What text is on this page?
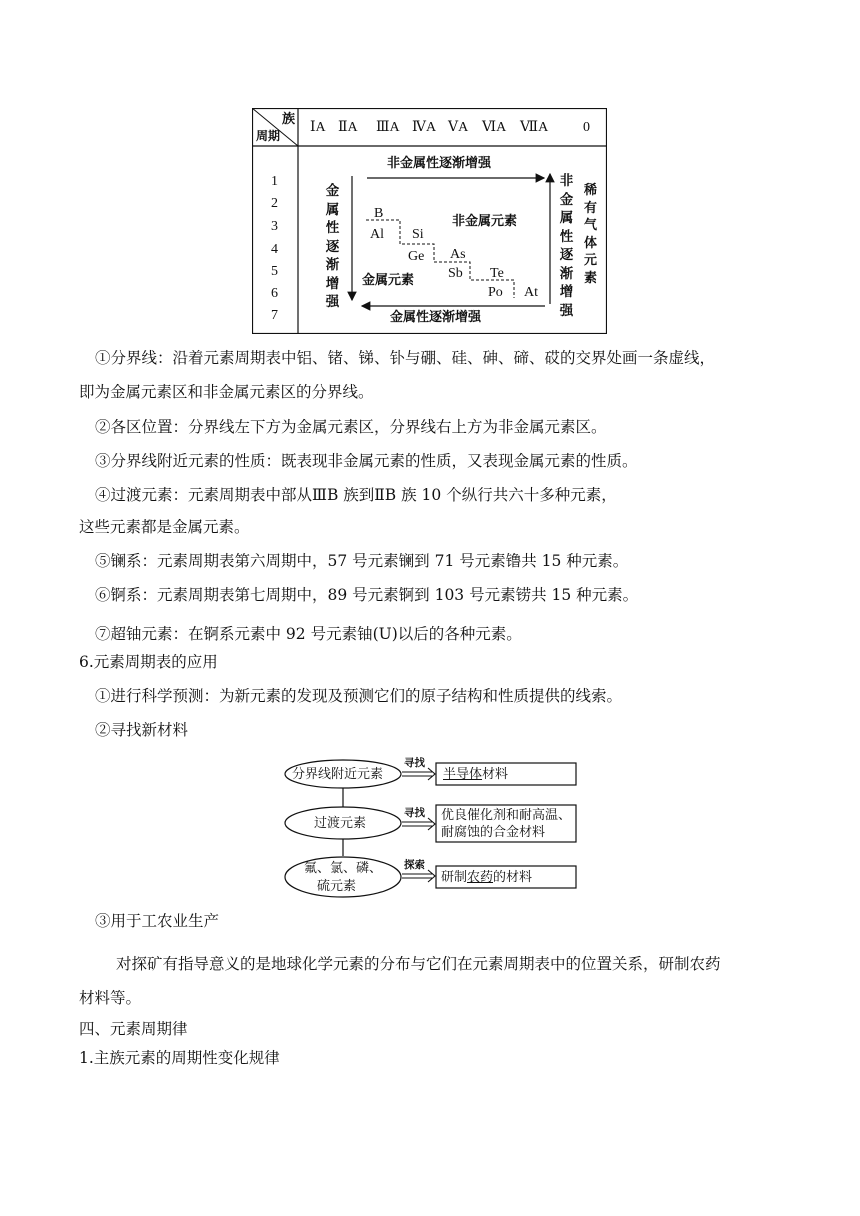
族
周期
ⅠA ⅡA ⅢA ⅣA ⅤA ⅥA ⅦA 0
1
2
3
4
5
6
7
非金属性逐渐增强
金属性逐渐增强
金属性逐渐增强
非金属性逐渐增强
稀有气体元素
非金属元素
金属元素
B
Al Si
Ge As
Sb Te
Po At
①分界线：沿着元素周期表中铝、锗、锑、钋与硼、硅、砷、碲、砹的交界处画一条虚线，
即为金属元素区和非金属元素区的分界线。
②各区位置：分界线左下方为金属元素区，分界线右上方为非金属元素区。
③分界线附近元素的性质：既表现非金属元素的性质，又表现金属元素的性质。
④过渡元素：元素周期表中部从ⅢB 族到ⅡB 族 10 个纵行共六十多种元素，
这些元素都是金属元素。
⑤镧系：元素周期表第六周期中，57 号元素镧到 71 号元素镥共 15 种元素。
⑥锕系：元素周期表第七周期中，89 号元素锕到 103 号元素铹共 15 种元素。
⑦超铀元素：在锕系元素中 92 号元素铀(U)以后的各种元素。
6.元素周期表的应用
①进行科学预测：为新元素的发现及预测它们的原子结构和性质提供的线索。
②寻找新材料
分界线附近元素
过渡元素
氟、氯、磷、
硫元素
寻找
寻找
探索
半导体材料
优良催化剂和耐高温、
耐腐蚀的合金材料
研制农药的材料
③用于工农业生产
对探矿有指导意义的是地球化学元素的分布与它们在元素周期表中的位置关系，研制农药
材料等。
四、元素周期律
1.主族元素的周期性变化规律
